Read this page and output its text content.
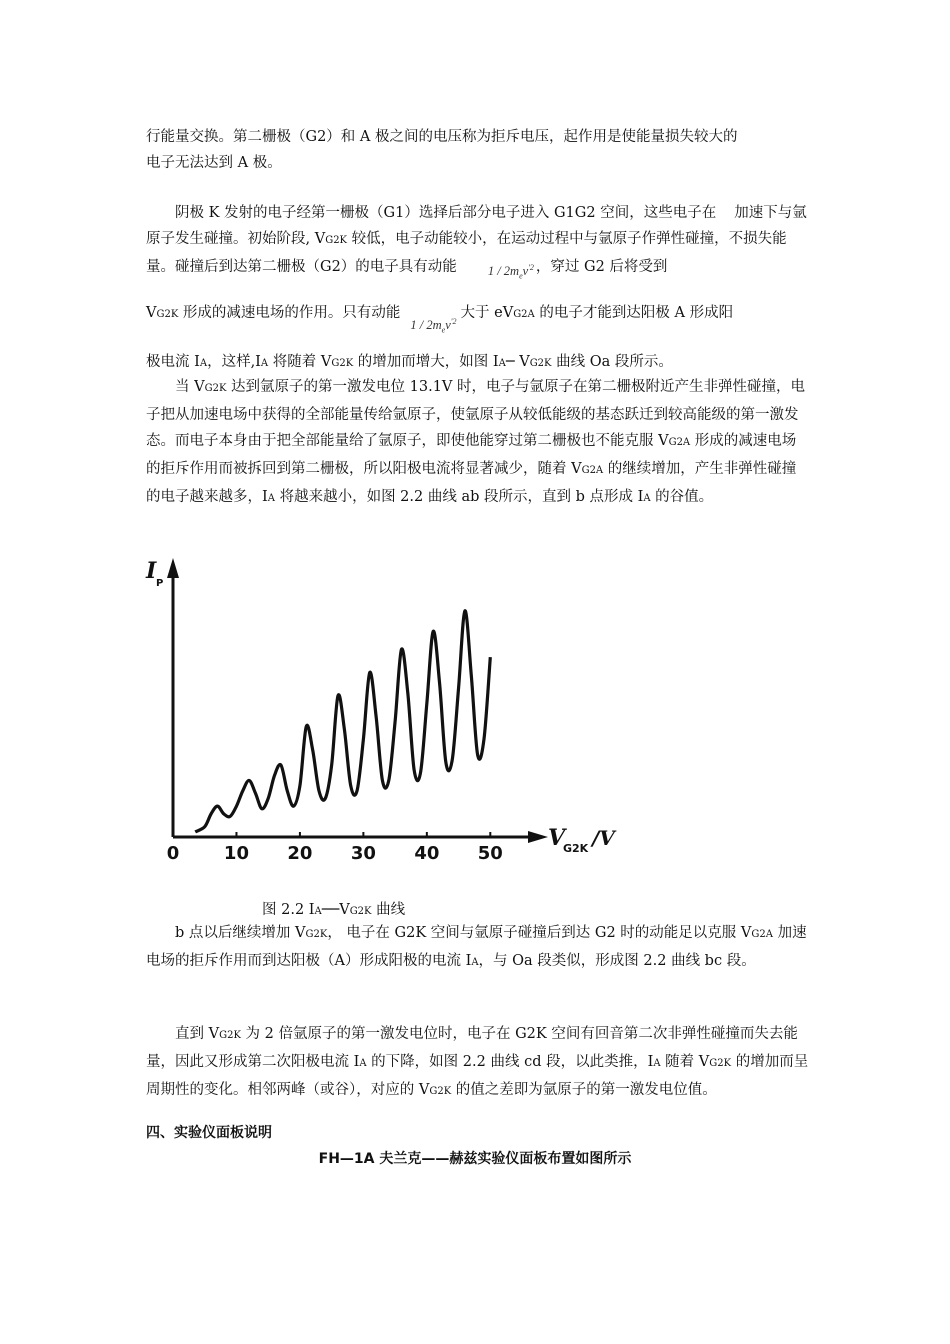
行能量交换。第二栅极（G2）和 A 极之间的电压称为拒斥电压，起作用是使能量损失较大的
电子无法达到 A 极。

阴极 K 发射的电子经第一栅极（G1）选择后部分电子进入 G1G2 空间，这些电子在 加速下与氩原子发生碰撞。初始阶段, VG2K 较低，电子动能较小，在运动过程中与氩原子作弹性碰撞，不损失能量。碰撞后到达第二栅极（G2）的电子具有动能 $1 / 2m_ev^{'2}$ ，穿过 G2 后将受到

VG2K 形成的减速电场的作用。只有动能$1 / 2m_ev^{'2}$大于 eVG2A 的电子才能到达阳极 A 形成阳

极电流 IA，这样,IA 将随着 VG2K 的增加而增大，如图 IA─ VG2K 曲线 Oa 段所示。

当 VG2K 达到氩原子的第一激发电位 13.1V 时，电子与氩原子在第二栅极附近产生非弹性碰撞，电子把从加速电场中获得的全部能量传给氩原子，使氩原子从较低能级的基态跃迁到较高能级的第一激发态。而电子本身由于把全部能量给了氩原子，即使他能穿过第二栅极也不能克服 VG2A 形成的减速电场的拒斥作用而被拆回到第二栅极，所以阳极电流将显著减少，随着 VG2A 的继续增加，产生非弹性碰撞的电子越来越多，IA 将越来越小，如图 2.2 曲线 ab 段所示，直到 b 点形成 IA 的谷值。

0 10 20 30 40 50
I P
V
G2K /V
图 2.2 IA──VG2K 曲线

b 点以后继续增加 VG2K， 电子在 G2K 空间与氩原子碰撞后到达 G2 时的动能足以克服 VG2A 加速电场的拒斥作用而到达阳极（A）形成阳极的电流 IA，与 Oa 段类似，形成图 2.2 曲线 bc 段。

直到 VG2K 为 2 倍氩原子的第一激发电位时，电子在 G2K 空间有回音第二次非弹性碰撞而失去能量，因此又形成第二次阳极电流 IA 的下降，如图 2.2 曲线 cd 段，以此类推，IA 随着 VG2K 的增加而呈周期性的变化。相邻两峰（或谷），对应的 VG2K 的值之差即为氩原子的第一激发电位值。

四、实验仪面板说明
FH—1A 夫兰克——赫兹实验仪面板布置如图所示
